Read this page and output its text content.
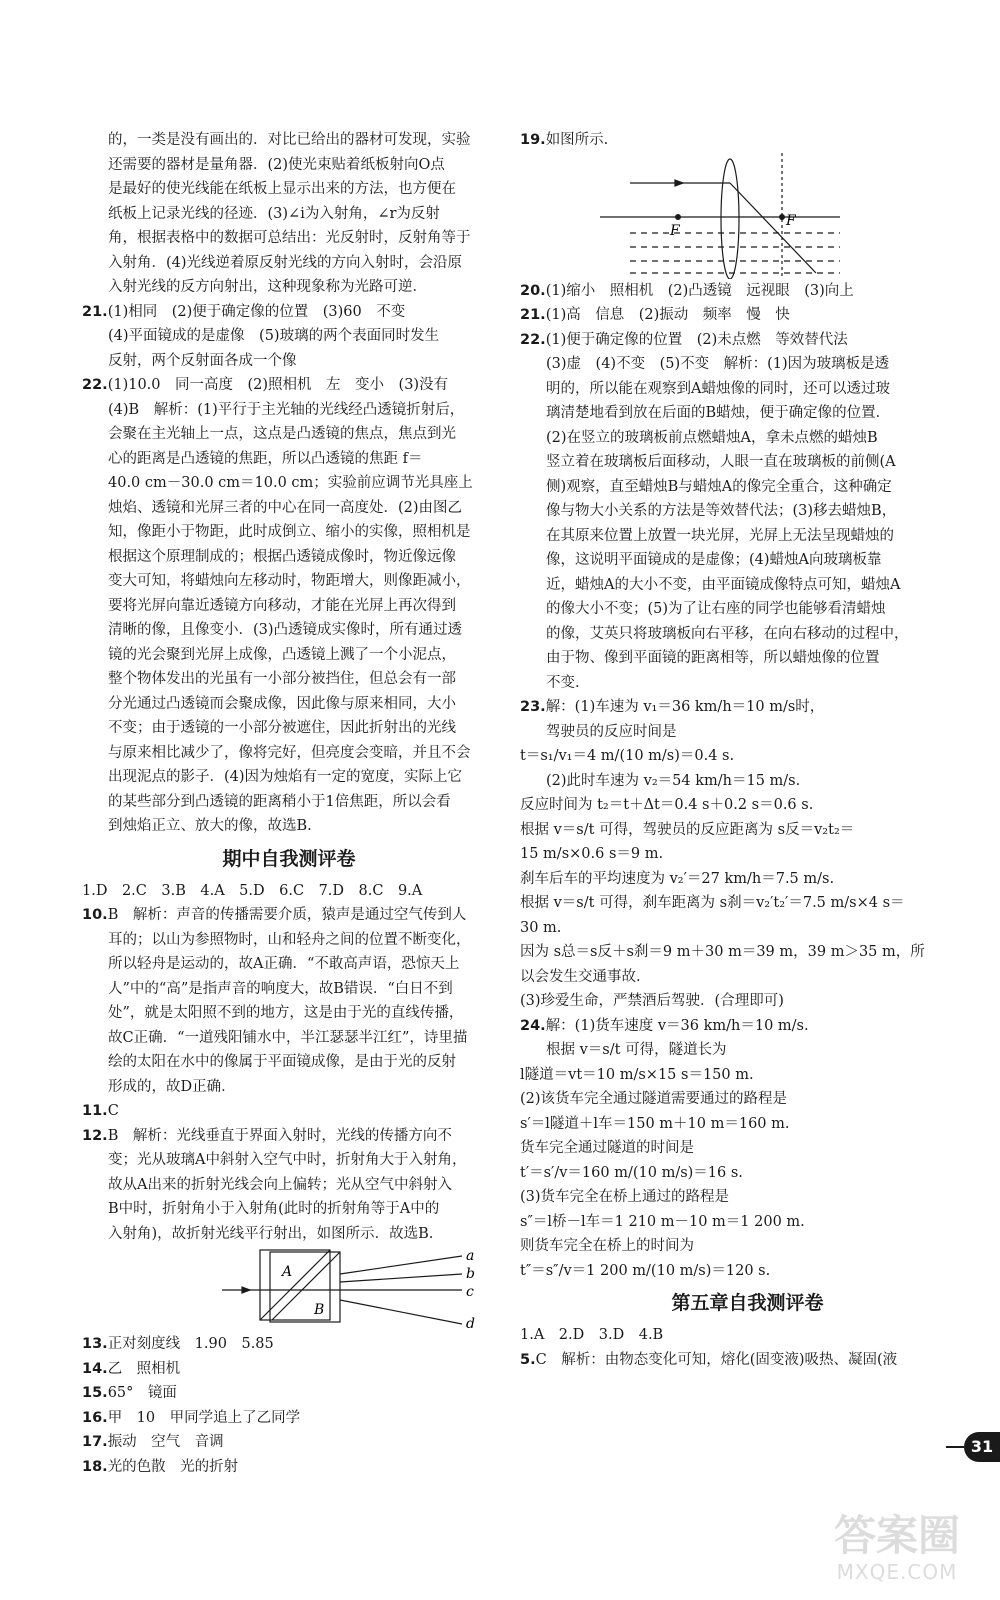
的，一类是没有画出的．对比已给出的器材可发现，实验
还需要的器材是量角器．(2)使光束贴着纸板射向O点
是最好的使光线能在纸板上显示出来的方法，也方便在
纸板上记录光线的径迹．(3)∠i为入射角，∠r为反射
角，根据表格中的数据可总结出：光反射时，反射角等于
入射角．(4)光线逆着原反射光线的方向入射时，会沿原
入射光线的反方向射出，这种现象称为光路可逆．
21.(1)相同　(2)便于确定像的位置　(3)60　不变
(4)平面镜成的是虚像　(5)玻璃的两个表面同时发生
反射，两个反射面各成一个像
22.(1)10.0　同一高度　(2)照相机　左　变小　(3)没有
(4)B　解析：(1)平行于主光轴的光线经凸透镜折射后，
会聚在主光轴上一点，这点是凸透镜的焦点，焦点到光
心的距离是凸透镜的焦距，所以凸透镜的焦距 f＝
40.0 cm－30.0 cm＝10.0 cm；实验前应调节光具座上
烛焰、透镜和光屏三者的中心在同一高度处．(2)由图乙
知，像距小于物距，此时成倒立、缩小的实像，照相机是
根据这个原理制成的；根据凸透镜成像时，物近像远像
变大可知，将蜡烛向左移动时，物距增大，则像距减小，
要将光屏向靠近透镜方向移动，才能在光屏上再次得到
清晰的像，且像变小．(3)凸透镜成实像时，所有通过透
镜的光会聚到光屏上成像，凸透镜上溅了一个小泥点，
整个物体发出的光虽有一小部分被挡住，但总会有一部
分光通过凸透镜而会聚成像，因此像与原来相同，大小
不变；由于透镜的一小部分被遮住，因此折射出的光线
与原来相比减少了，像将完好，但亮度会变暗，并且不会
出现泥点的影子．(4)因为烛焰有一定的宽度，实际上它
的某些部分到凸透镜的距离稍小于1倍焦距，所以会看
到烛焰正立、放大的像，故选B.
期中自我测评卷
1.D　2.C　3.B　4.A　5.D　6.C　7.D　8.C　9.A
10.B　解析：声音的传播需要介质，猿声是通过空气传到人
耳的；以山为参照物时，山和轻舟之间的位置不断变化，
所以轻舟是运动的，故A正确．“不敢高声语，恐惊天上
人”中的“高”是指声音的响度大，故B错误．“白日不到
处”，就是太阳照不到的地方，这是由于光的直线传播，
故C正确．“一道残阳铺水中，半江瑟瑟半江红”，诗里描
绘的太阳在水中的像属于平面镜成像，是由于光的反射
形成的，故D正确．
11.C
12.B　解析：光线垂直于界面入射时，光线的传播方向不
变；光从玻璃A中斜射入空气中时，折射角大于入射角，
故从A出来的折射光线会向上偏转；光从空气中斜射入
B中时，折射角小于入射角(此时的折射角等于A中的
入射角)，故折射光线平行射出，如图所示．故选B.
A
B
a
b
c
d
13.正对刻度线　1.90　5.85
14.乙　照相机
15.65°　镜面
16.甲　10　甲同学追上了乙同学
17.振动　空气　音调
18.光的色散　光的折射
19.如图所示.
F
F
20.(1)缩小　照相机　(2)凸透镜　远视眼　(3)向上
21.(1)高　信息　(2)振动　频率　慢　快
22.(1)便于确定像的位置　(2)未点燃　等效替代法
(3)虚　(4)不变　(5)不变　解析：(1)因为玻璃板是透
明的，所以能在观察到A蜡烛像的同时，还可以透过玻
璃清楚地看到放在后面的B蜡烛，便于确定像的位置．
(2)在竖立的玻璃板前点燃蜡烛A，拿未点燃的蜡烛B
竖立着在玻璃板后面移动，人眼一直在玻璃板的前侧(A
侧)观察，直至蜡烛B与蜡烛A的像完全重合，这种确定
像与物大小关系的方法是等效替代法；(3)移去蜡烛B，
在其原来位置上放置一块光屏，光屏上无法呈现蜡烛的
像，这说明平面镜成的是虚像；(4)蜡烛A向玻璃板靠
近，蜡烛A的大小不变，由平面镜成像特点可知，蜡烛A
的像大小不变；(5)为了让右座的同学也能够看清蜡烛
的像，艾英只将玻璃板向右平移，在向右移动的过程中，
由于物、像到平面镜的距离相等，所以蜡烛像的位置
不变.
23.解：(1)车速为 v₁＝36 km/h＝10 m/s时，
驾驶员的反应时间是
t＝s₁/v₁＝4 m/(10 m/s)＝0.4 s.
(2)此时车速为 v₂＝54 km/h＝15 m/s.
反应时间为 t₂＝t＋Δt＝0.4 s＋0.2 s＝0.6 s.
根据 v＝s/t 可得，驾驶员的反应距离为 s反＝v₂t₂＝
15 m/s×0.6 s＝9 m.
刹车后车的平均速度为 v₂′＝27 km/h＝7.5 m/s.
根据 v＝s/t 可得，刹车距离为 s刹＝v₂′t₂′＝7.5 m/s×4 s＝
30 m.
因为 s总＝s反＋s刹＝9 m＋30 m＝39 m，39 m＞35 m，所
以会发生交通事故.
(3)珍爱生命，严禁酒后驾驶．(合理即可)
24.解：(1)货车速度 v＝36 km/h＝10 m/s.
根据 v＝s/t 可得，隧道长为
l隧道＝vt＝10 m/s×15 s＝150 m.
(2)该货车完全通过隧道需要通过的路程是
s′＝l隧道＋l车＝150 m＋10 m＝160 m.
货车完全通过隧道的时间是
t′＝s′/v＝160 m/(10 m/s)＝16 s.
(3)货车完全在桥上通过的路程是
s″＝l桥－l车＝1 210 m－10 m＝1 200 m.
则货车完全在桥上的时间为
t″＝s″/v＝1 200 m/(10 m/s)＝120 s.
第五章自我测评卷
1.A　2.D　3.D　4.B
5.C　解析：由物态变化可知，熔化(固变液)吸热、凝固(液
31
答案圈
MXQE.COM
